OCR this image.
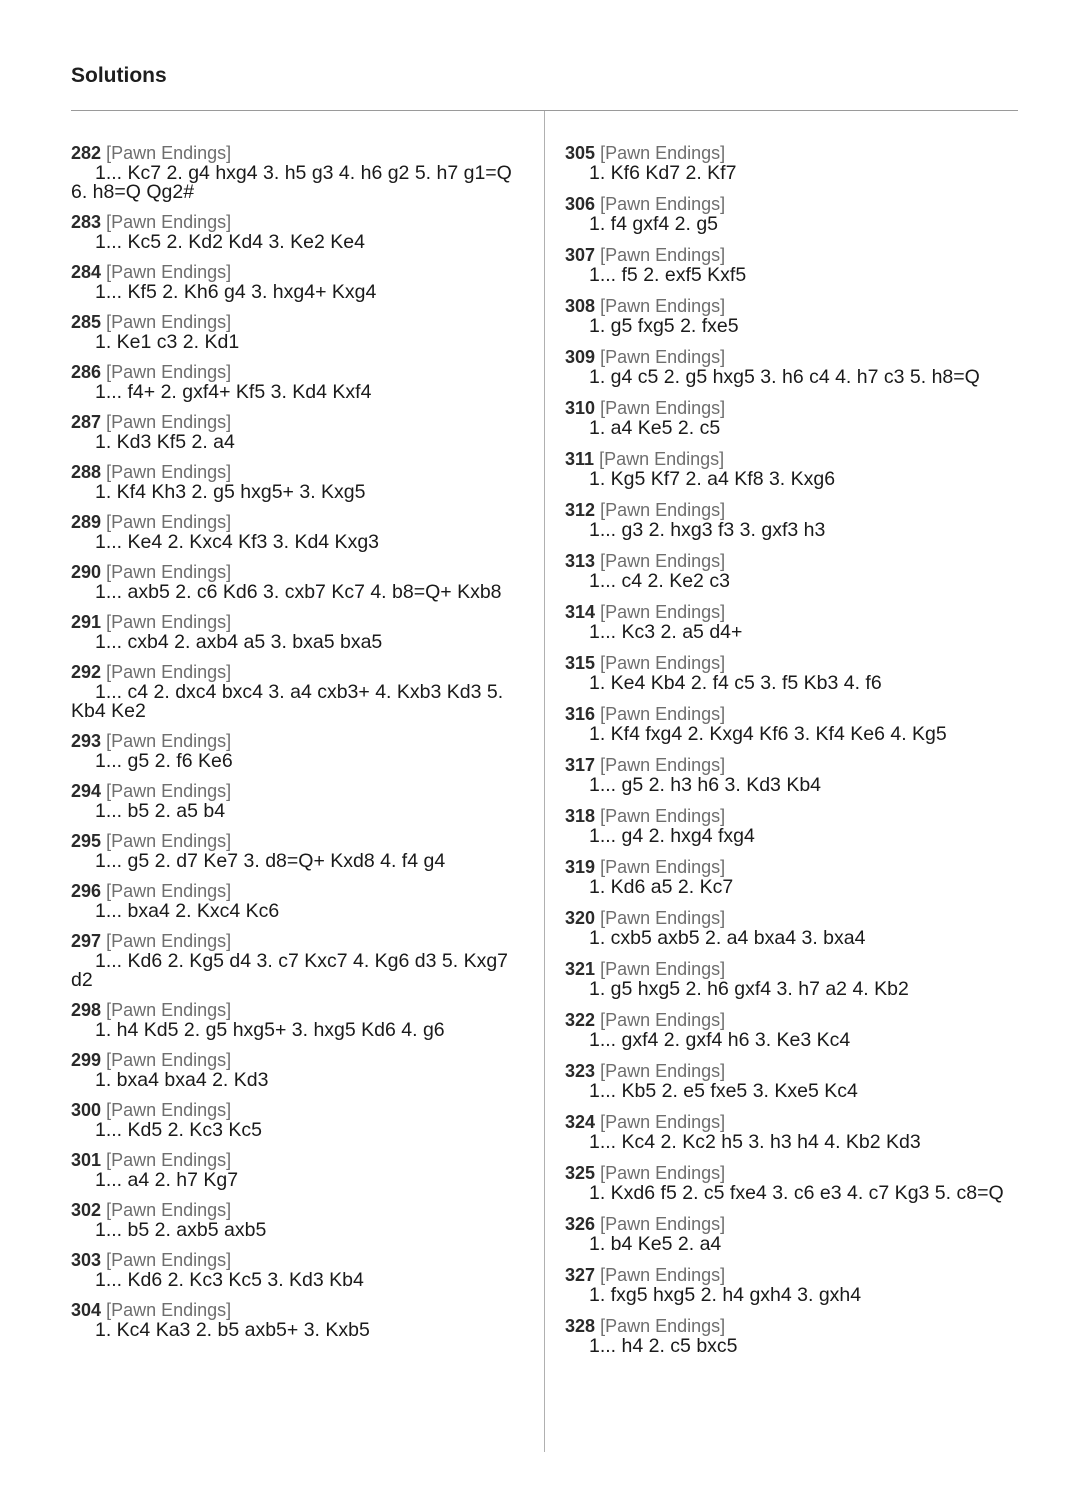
Solutions
282 [Pawn Endings]
1... Kc7 2. g4 hxg4 3. h5 g3 4. h6 g2 5. h7 g1=Q
6. h8=Q Qg2#
283 [Pawn Endings]
1... Kc5 2. Kd2 Kd4 3. Ke2 Ke4
284 [Pawn Endings]
1... Kf5 2. Kh6 g4 3. hxg4+ Kxg4
285 [Pawn Endings]
1. Ke1 c3 2. Kd1
286 [Pawn Endings]
1... f4+ 2. gxf4+ Kf5 3. Kd4 Kxf4
287 [Pawn Endings]
1. Kd3 Kf5 2. a4
288 [Pawn Endings]
1. Kf4 Kh3 2. g5 hxg5+ 3. Kxg5
289 [Pawn Endings]
1... Ke4 2. Kxc4 Kf3 3. Kd4 Kxg3
290 [Pawn Endings]
1... axb5 2. c6 Kd6 3. cxb7 Kc7 4. b8=Q+ Kxb8
291 [Pawn Endings]
1... cxb4 2. axb4 a5 3. bxa5 bxa5
292 [Pawn Endings]
1... c4 2. dxc4 bxc4 3. a4 cxb3+ 4. Kxb3 Kd3 5.
Kb4 Ke2
293 [Pawn Endings]
1... g5 2. f6 Ke6
294 [Pawn Endings]
1... b5 2. a5 b4
295 [Pawn Endings]
1... g5 2. d7 Ke7 3. d8=Q+ Kxd8 4. f4 g4
296 [Pawn Endings]
1... bxa4 2. Kxc4 Kc6
297 [Pawn Endings]
1... Kd6 2. Kg5 d4 3. c7 Kxc7 4. Kg6 d3 5. Kxg7
d2
298 [Pawn Endings]
1. h4 Kd5 2. g5 hxg5+ 3. hxg5 Kd6 4. g6
299 [Pawn Endings]
1. bxa4 bxa4 2. Kd3
300 [Pawn Endings]
1... Kd5 2. Kc3 Kc5
301 [Pawn Endings]
1... a4 2. h7 Kg7
302 [Pawn Endings]
1... b5 2. axb5 axb5
303 [Pawn Endings]
1... Kd6 2. Kc3 Kc5 3. Kd3 Kb4
304 [Pawn Endings]
1. Kc4 Ka3 2. b5 axb5+ 3. Kxb5
305 [Pawn Endings]
1. Kf6 Kd7 2. Kf7
306 [Pawn Endings]
1. f4 gxf4 2. g5
307 [Pawn Endings]
1... f5 2. exf5 Kxf5
308 [Pawn Endings]
1. g5 fxg5 2. fxe5
309 [Pawn Endings]
1. g4 c5 2. g5 hxg5 3. h6 c4 4. h7 c3 5. h8=Q
310 [Pawn Endings]
1. a4 Ke5 2. c5
311 [Pawn Endings]
1. Kg5 Kf7 2. a4 Kf8 3. Kxg6
312 [Pawn Endings]
1... g3 2. hxg3 f3 3. gxf3 h3
313 [Pawn Endings]
1... c4 2. Ke2 c3
314 [Pawn Endings]
1... Kc3 2. a5 d4+
315 [Pawn Endings]
1. Ke4 Kb4 2. f4 c5 3. f5 Kb3 4. f6
316 [Pawn Endings]
1. Kf4 fxg4 2. Kxg4 Kf6 3. Kf4 Ke6 4. Kg5
317 [Pawn Endings]
1... g5 2. h3 h6 3. Kd3 Kb4
318 [Pawn Endings]
1... g4 2. hxg4 fxg4
319 [Pawn Endings]
1. Kd6 a5 2. Kc7
320 [Pawn Endings]
1. cxb5 axb5 2. a4 bxa4 3. bxa4
321 [Pawn Endings]
1. g5 hxg5 2. h6 gxf4 3. h7 a2 4. Kb2
322 [Pawn Endings]
1... gxf4 2. gxf4 h6 3. Ke3 Kc4
323 [Pawn Endings]
1... Kb5 2. e5 fxe5 3. Kxe5 Kc4
324 [Pawn Endings]
1... Kc4 2. Kc2 h5 3. h3 h4 4. Kb2 Kd3
325 [Pawn Endings]
1. Kxd6 f5 2. c5 fxe4 3. c6 e3 4. c7 Kg3 5. c8=Q
326 [Pawn Endings]
1. b4 Ke5 2. a4
327 [Pawn Endings]
1. fxg5 hxg5 2. h4 gxh4 3. gxh4
328 [Pawn Endings]
1... h4 2. c5 bxc5
